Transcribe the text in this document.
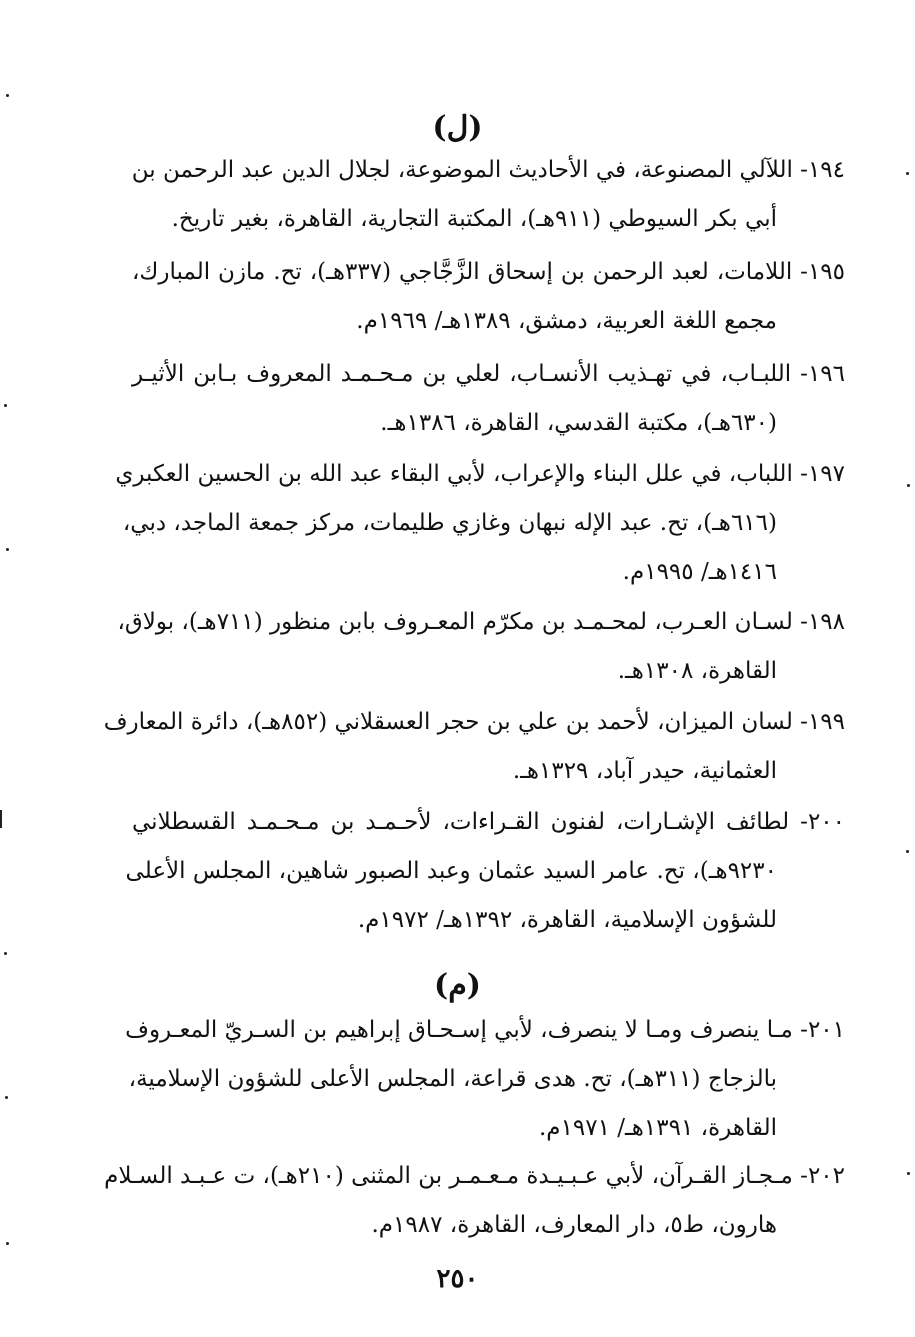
(ل)
١٩٤- اللآلي المصنوعة، في الأحاديث الموضوعة، لجلال الدين عبد الرحمن بن
أبي بكر السيوطي (٩١١هـ)، المكتبة التجارية، القاهرة، بغير تاريخ.
١٩٥- اللامات، لعبد الرحمن بن إسحاق الزَّجَّاجي (٣٣٧هـ)، تح. مازن المبارك،
مجمع اللغة العربية، دمشق، ١٣٨٩هـ/ ١٩٦٩م.
١٩٦- اللبـاب، في تهـذيب الأنسـاب، لعلي بن مـحـمـد المعروف بـابن الأثيـر
(٦٣٠هـ)، مكتبة القدسي، القاهرة، ١٣٨٦هـ.
١٩٧- اللباب، في علل البناء والإعراب، لأبي البقاء عبد الله بن الحسين العكبري
(٦١٦هـ)، تح. عبد الإله نبهان وغازي طليمات، مركز جمعة الماجد، دبي،
١٤١٦هـ/ ١٩٩٥م.
١٩٨- لسـان العـرب، لمحـمـد بن مكرّم المعـروف بابن منظور (٧١١هـ)، بولاق،
القاهرة، ١٣٠٨هـ.
١٩٩- لسان الميزان، لأحمد بن علي بن حجر العسقلاني (٨٥٢هـ)، دائرة المعارف
العثمانية، حيدر آباد، ١٣٢٩هـ.
٢٠٠- لطائف الإشـارات، لفنون القـراءات، لأحـمـد بن مـحـمـد القسطلاني
٩٢٣٠هـ)، تح. عامر السيد عثمان وعبد الصبور شاهين، المجلس الأعلى
للشؤون الإسلامية، القاهرة، ١٣٩٢هـ/ ١٩٧٢م.
(م)
٢٠١- مـا ينصرف ومـا لا ينصرف، لأبي إسـحـاق إبراهيم بن السـريّ المعـروف
بالزجاج (٣١١هـ)، تح. هدى قراعة، المجلس الأعلى للشؤون الإسلامية،
القاهرة، ١٣٩١هـ/ ١٩٧١م.
٢٠٢- مـجـاز القـرآن، لأبي عـبـيـدة مـعـمـر بن المثنى (٢١٠هـ)، ت عـبـد السـلام
هارون، ط٥، دار المعارف، القاهرة، ١٩٨٧م.
٢٥٠
